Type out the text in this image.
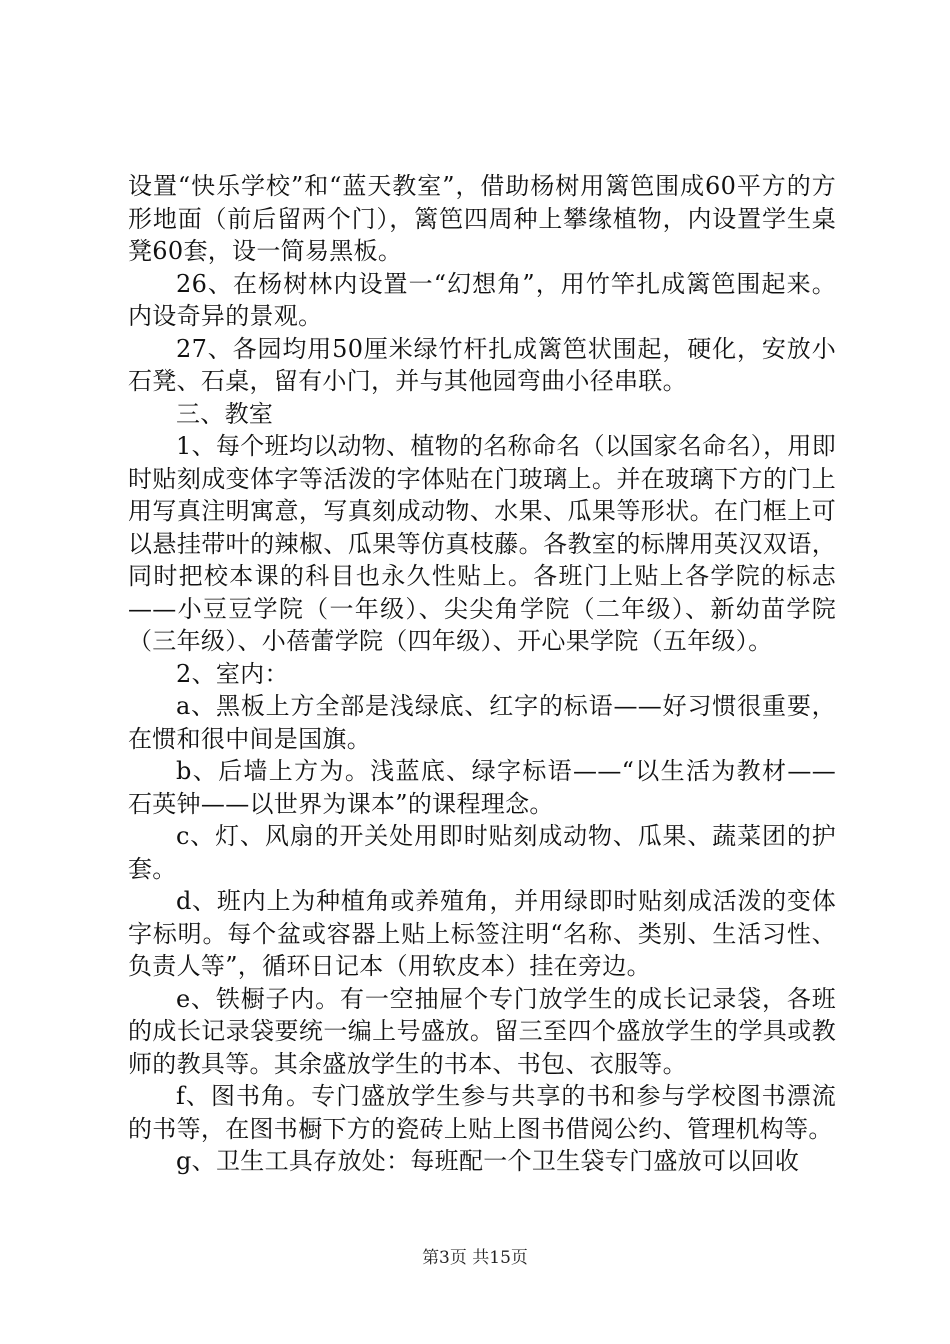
设置“快乐学校”和“蓝天教室”，借助杨树用篱笆围成60平方的方形地面（前后留两个门），篱笆四周种上攀缘植物，内设置学生桌凳60套，设一简易黑板。

26、在杨树林内设置一“幻想角”，用竹竿扎成篱笆围起来。内设奇异的景观。

27、各园均用50厘米绿竹杆扎成篱笆状围起，硬化，安放小石凳、石桌，留有小门，并与其他园弯曲小径串联。

三、教室

1、每个班均以动物、植物的名称命名（以国家名命名），用即时贴刻成变体字等活泼的字体贴在门玻璃上。并在玻璃下方的门上用写真注明寓意，写真刻成动物、水果、瓜果等形状。在门框上可以悬挂带叶的辣椒、瓜果等仿真枝藤。各教室的标牌用英汉双语，同时把校本课的科目也永久性贴上。各班门上贴上各学院的标志——小豆豆学院（一年级）、尖尖角学院（二年级）、新幼苗学院（三年级）、小蓓蕾学院（四年级）、开心果学院（五年级）。

2、室内：

a、黑板上方全部是浅绿底、红字的标语——好习惯很重要，在惯和很中间是国旗。

b、后墙上方为。浅蓝底、绿字标语——“以生活为教材——石英钟——以世界为课本”的课程理念。

c、灯、风扇的开关处用即时贴刻成动物、瓜果、蔬菜团的护套。

d、班内上为种植角或养殖角，并用绿即时贴刻成活泼的变体字标明。每个盆或容器上贴上标签注明“名称、类别、生活习性、负责人等”，循环日记本（用软皮本）挂在旁边。

e、铁橱子内。有一空抽屉个专门放学生的成长记录袋，各班的成长记录袋要统一编上号盛放。留三至四个盛放学生的学具或教师的教具等。其余盛放学生的书本、书包、衣服等。

f、图书角。专门盛放学生参与共享的书和参与学校图书漂流的书等，在图书橱下方的瓷砖上贴上图书借阅公约、管理机构等。

g、卫生工具存放处：每班配一个卫生袋专门盛放可以回收

第3页 共15页
